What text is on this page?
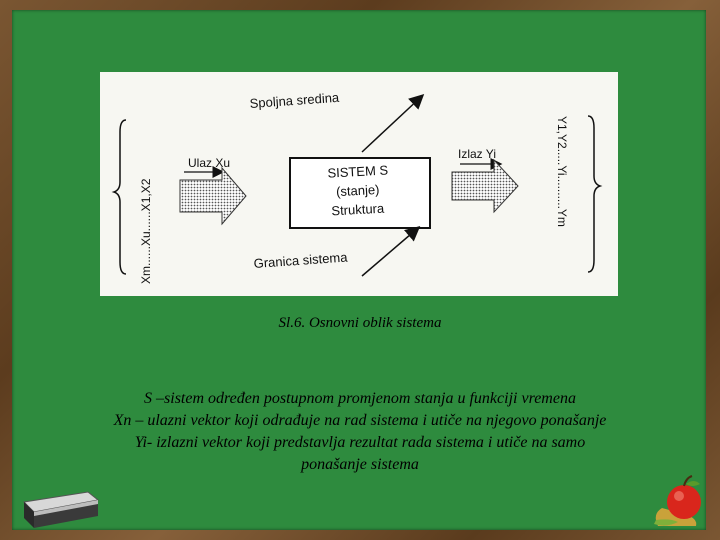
Xm......Xu......X1,X2
Ulaz Xu	SISTEM S
(stanje)
Struktura
Spoljna sredina
Granica sistema
Izlaz Yi	Y1,Y2.....Yi..........Ym
Sl.6. Osnovni oblik sistema
S –sistem određen postupnom promjenom stanja u funkciji vremena
Xn – ulazni vektor koji odrađuje na rad sistema i utiče na njegovo ponašanje
Yi- izlazni vektor koji predstavlja rezultat rada sistema i utiče na samo
ponašanje sistema
